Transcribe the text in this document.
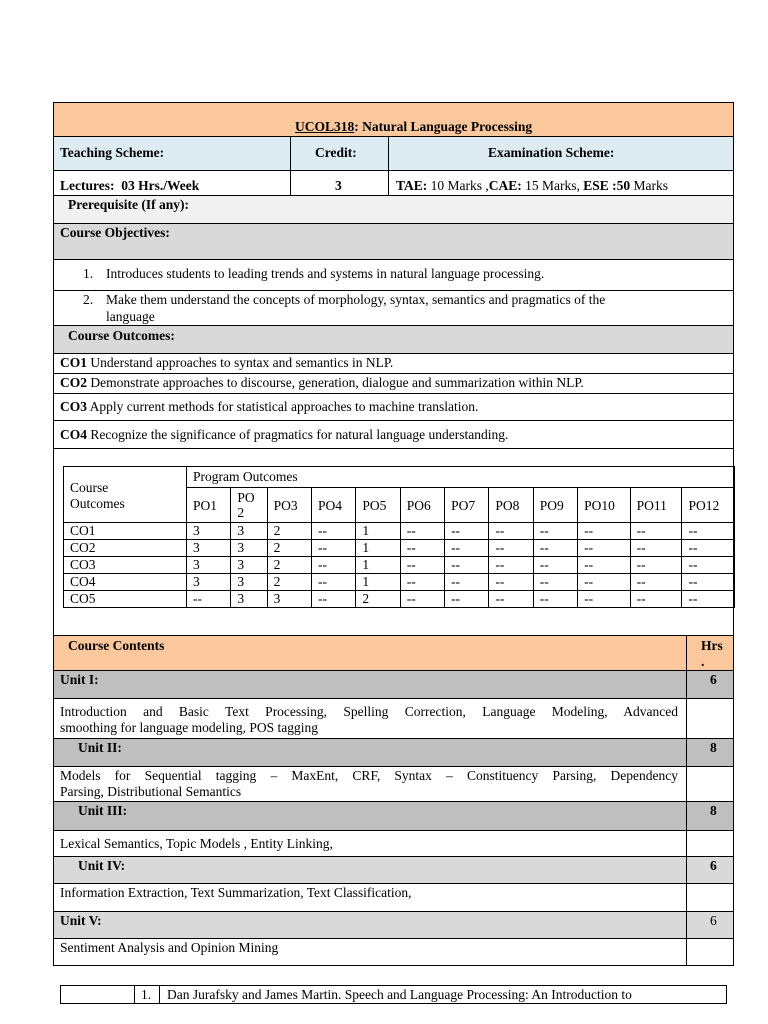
UCOL318: Natural Language Processing
Teaching Scheme:	Credit:	Examination Scheme:
Lectures: 03 Hrs./Week	3	TAE: 10 Marks ,CAE: 15 Marks, ESE :50 Marks
Prerequisite (If any):
Course Objectives:
1. Introduces students to leading trends and systems in natural language processing.
2. Make them understand the concepts of morphology, syntax, semantics and pragmatics of the
language
Course Outcomes:
CO1 Understand approaches to syntax and semantics in NLP.
CO2 Demonstrate approaches to discourse, generation, dialogue and summarization within NLP.
CO3 Apply current methods for statistical approaches to machine translation.
CO4 Recognize the significance of pragmatics for natural language understanding.
Course Contents	Hrs
.
Unit I:	6
Introduction and Basic Text Processing, Spelling Correction, Language Modeling, Advanced
smoothing for language modeling, POS tagging
Unit II:	8
Models for Sequential tagging – MaxEnt, CRF, Syntax – Constituency Parsing, Dependency
Parsing, Distributional Semantics
Unit III:	8
Lexical Semantics, Topic Models , Entity Linking,
Unit IV:	6
Information Extraction, Text Summarization, Text Classification,
Unit V:	6
Sentiment Analysis and Opinion Mining
Course
Outcomes	Program Outcomes											
	PO1	PO
2	PO3	PO4	PO5	PO6	PO7	PO8	PO9	PO10	PO11	PO12
CO1	3	3	2	--	1	--	--	--	--	--	--	--
CO2	3	3	2	--	1	--	--	--	--	--	--	--
CO3	3	3	2	--	1	--	--	--	--	--	--	--
CO4	3	3	2	--	1	--	--	--	--	--	--	--
CO5	--	3	3	--	2	--	--	--	--	--	--	--
1. Dan Jurafsky and James Martin. Speech and Language Processing: An Introduction to
